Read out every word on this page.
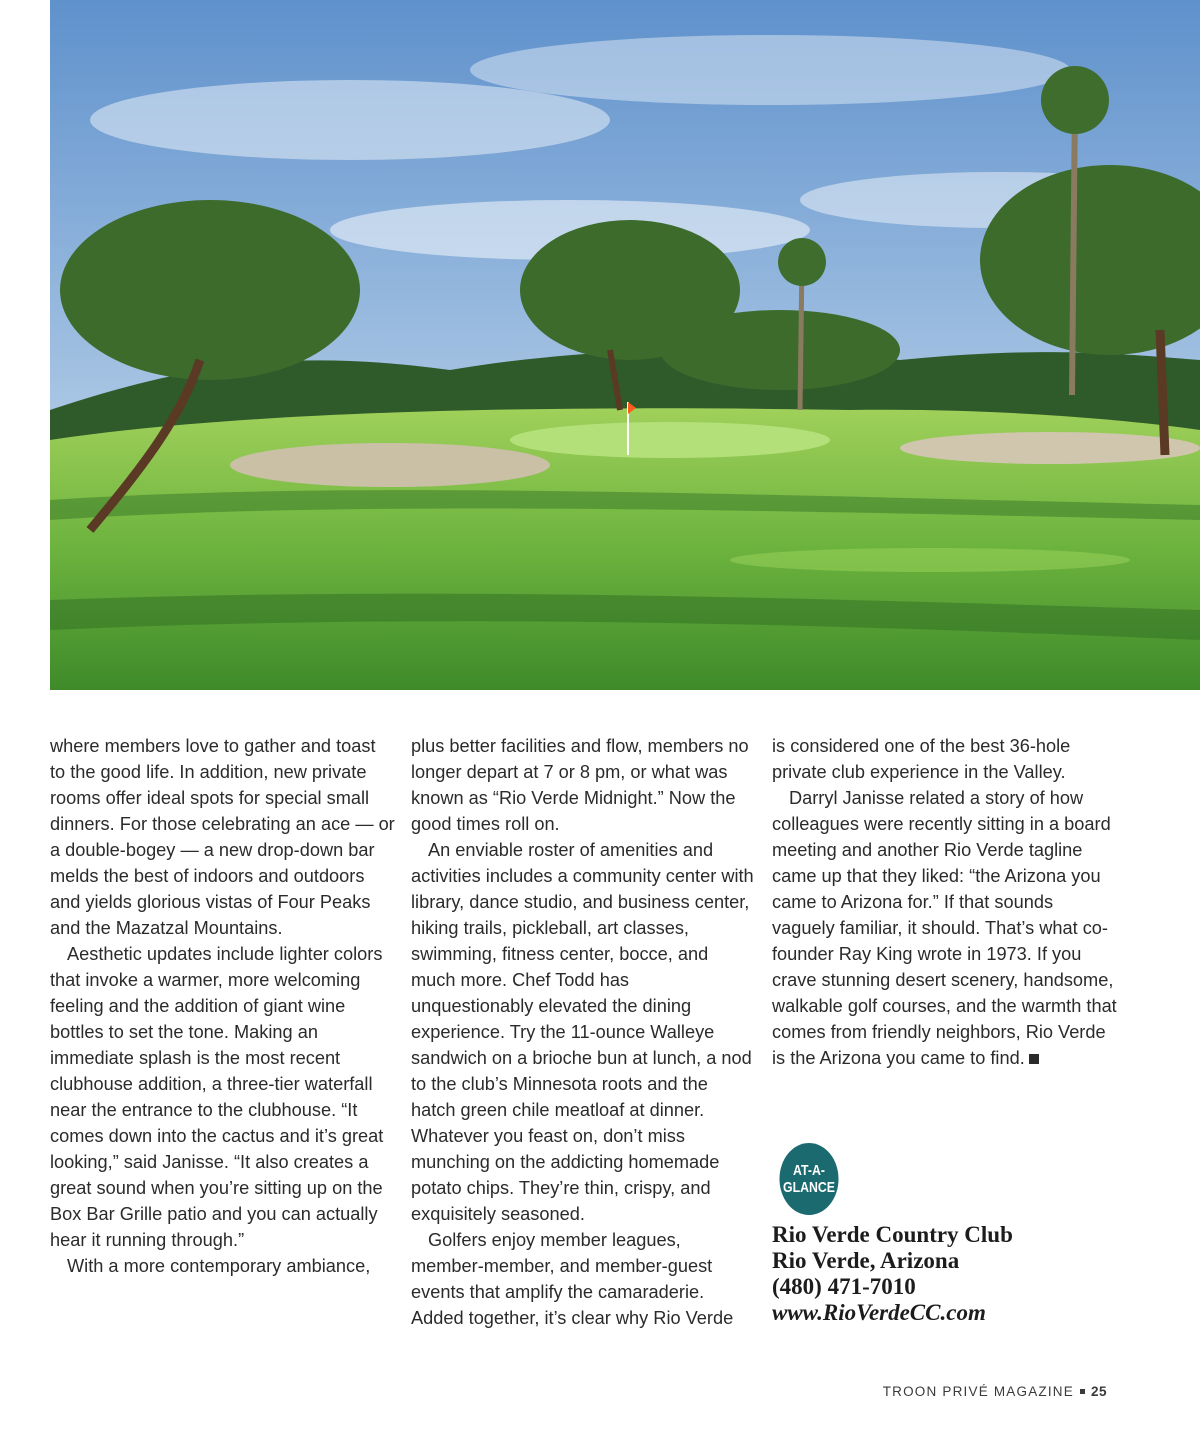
where members love to gather and toast to the good life. In addition, new private rooms offer ideal spots for special small dinners. For those celebrating an ace — or a double-bogey — a new drop-down bar melds the best of indoors and outdoors and yields glorious vistas of Four Peaks and the Mazatzal Mountains.

Aesthetic updates include lighter colors that invoke a warmer, more welcoming feeling and the addition of giant wine bottles to set the tone. Making an immediate splash is the most recent clubhouse addition, a three-tier waterfall near the entrance to the clubhouse. “It comes down into the cactus and it’s great looking,” said Janisse. “It also creates a great sound when you’re sitting up on the Box Bar Grille patio and you can actually hear it running through.”

With a more contemporary ambiance,

plus better facilities and flow, members no longer depart at 7 or 8 pm, or what was known as “Rio Verde Midnight.” Now the good times roll on.

An enviable roster of amenities and activities includes a community center with library, dance studio, and business center, hiking trails, pickleball, art classes, swimming, fitness center, bocce, and much more. Chef Todd has unquestionably elevated the dining experience. Try the 11-ounce Walleye sandwich on a brioche bun at lunch, a nod to the club’s Minnesota roots and the hatch green chile meatloaf at dinner. Whatever you feast on, don’t miss munching on the addicting homemade potato chips. They’re thin, crispy, and exquisitely seasoned.

Golfers enjoy member leagues, member-member, and member-guest events that amplify the camaraderie. Added together, it’s clear why Rio Verde

is considered one of the best 36-hole private club experience in the Valley.

Darryl Janisse related a story of how colleagues were recently sitting in a board meeting and another Rio Verde tagline came up that they liked: “the Arizona you came to Arizona for.” If that sounds vaguely familiar, it should. That’s what co-founder Ray King wrote in 1973. If you crave stunning desert scenery, handsome, walkable golf courses, and the warmth that comes from friendly neighbors, Rio Verde is the Arizona you came to find.

AT-A-
GLANCE
Rio Verde Country Club
Rio Verde, Arizona
(480) 471-7010
www.RioVerdeCC.com
TROON PRIVÉ MAGAZINE 25
